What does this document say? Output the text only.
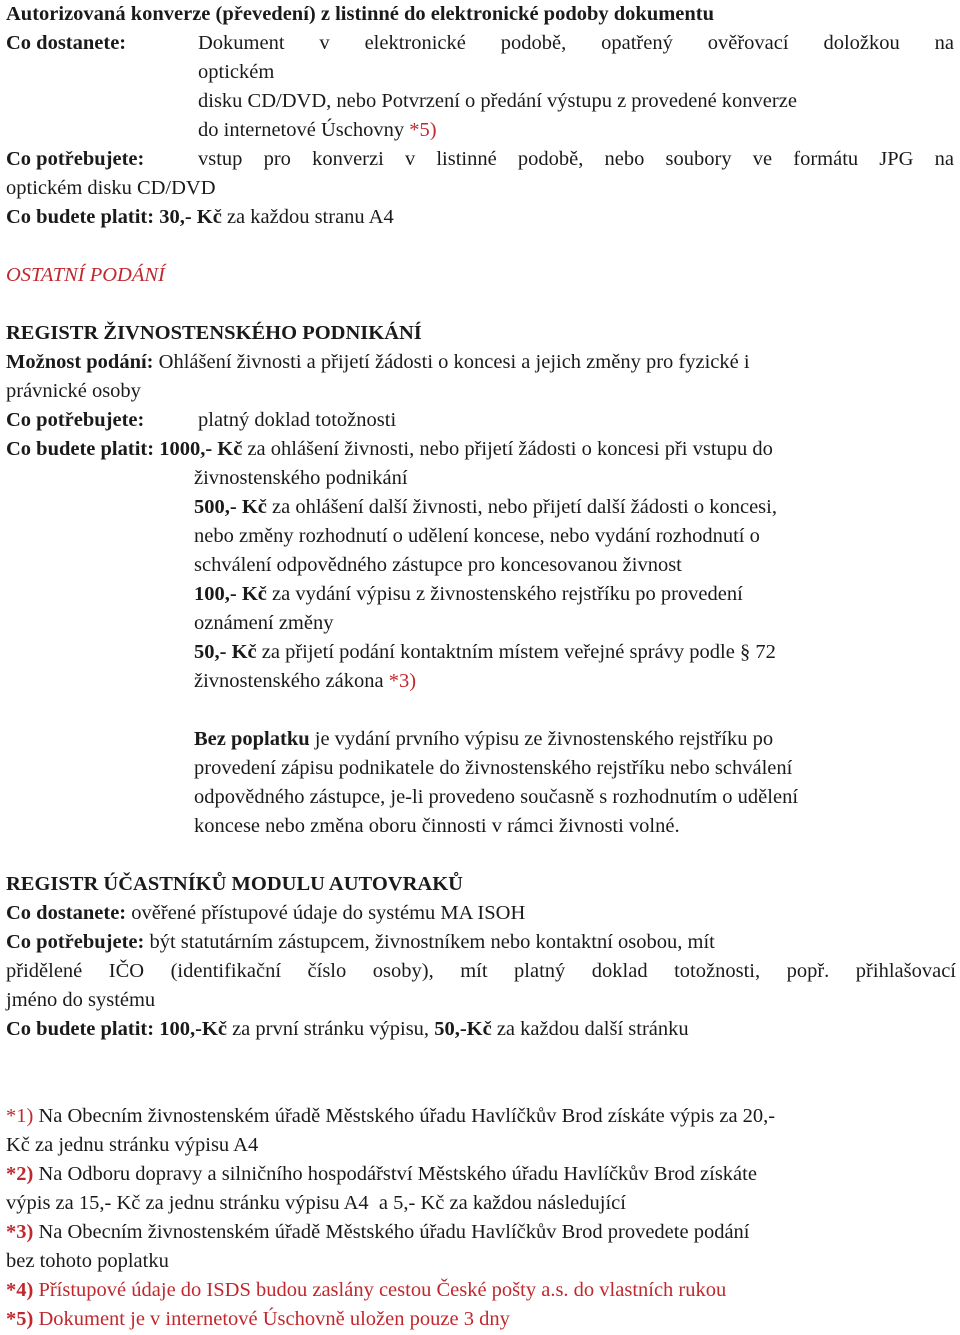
Autorizovaná konverze (převedení) z listinné do elektronické podoby dokumentu
Co dostanete:	Dokument v elektronické podobě, opatřený ověřovací doložkou na
optickém
disku CD/DVD, nebo Potvrzení o předání výstupu z provedené konverze
do internetové Úschovny *5)
Co potřebujete:	vstup pro konverzi v listinné podobě, nebo soubory ve formátu JPG na
optickém disku CD/DVD
Co budete platit: 30,- Kč za každou stranu A4
OSTATNÍ PODÁNÍ
REGISTR ŽIVNOSTENSKÉHO PODNIKÁNÍ
Možnost podání: Ohlášení živnosti a přijetí žádosti o koncesi a jejich změny pro fyzické i
právnické osoby
Co potřebujete:	platný doklad totožnosti
Co budete platit: 1000,- Kč za ohlášení živnosti, nebo přijetí žádosti o koncesi při vstupu do
živnostenského podnikání
500,- Kč za ohlášení další živnosti, nebo přijetí další žádosti o koncesi,
nebo změny rozhodnutí o udělení koncese, nebo vydání rozhodnutí o
schválení odpovědného zástupce pro koncesovanou živnost
100,- Kč za vydání výpisu z živnostenského rejstříku po provedení
oznámení změny
50,- Kč za přijetí podání kontaktním místem veřejné správy podle § 72
živnostenského zákona *3)
Bez poplatku je vydání prvního výpisu ze živnostenského rejstříku po
provedení zápisu podnikatele do živnostenského rejstříku nebo schválení
odpovědného zástupce, je-li provedeno současně s rozhodnutím o udělení
koncese nebo změna oboru činnosti v rámci živnosti volné.
REGISTR ÚČASTNÍKŮ MODULU AUTOVRAKŮ
Co dostanete: ověřené přístupové údaje do systému MA ISOH
Co potřebujete: být statutárním zástupcem, živnostníkem nebo kontaktní osobou, mít
přidělené IČO (identifikační číslo osoby), mít platný doklad totožnosti, popř. přihlašovací
jméno do systému
Co budete platit: 100,-Kč za první stránku výpisu, 50,-Kč za každou další stránku
*1) Na Obecním živnostenském úřadě Městského úřadu Havlíčkův Brod získáte výpis za 20,-
Kč za jednu stránku výpisu A4
*2) Na Odboru dopravy a silničního hospodářství Městského úřadu Havlíčkův Brod získáte
výpis za 15,- Kč za jednu stránku výpisu A4  a 5,- Kč za každou následující
*3) Na Obecním živnostenském úřadě Městského úřadu Havlíčkův Brod provedete podání
bez tohoto poplatku
*4) Přístupové údaje do ISDS budou zaslány cestou České pošty a.s. do vlastních rukou
*5) Dokument je v internetové Úschovně uložen pouze 3 dny
